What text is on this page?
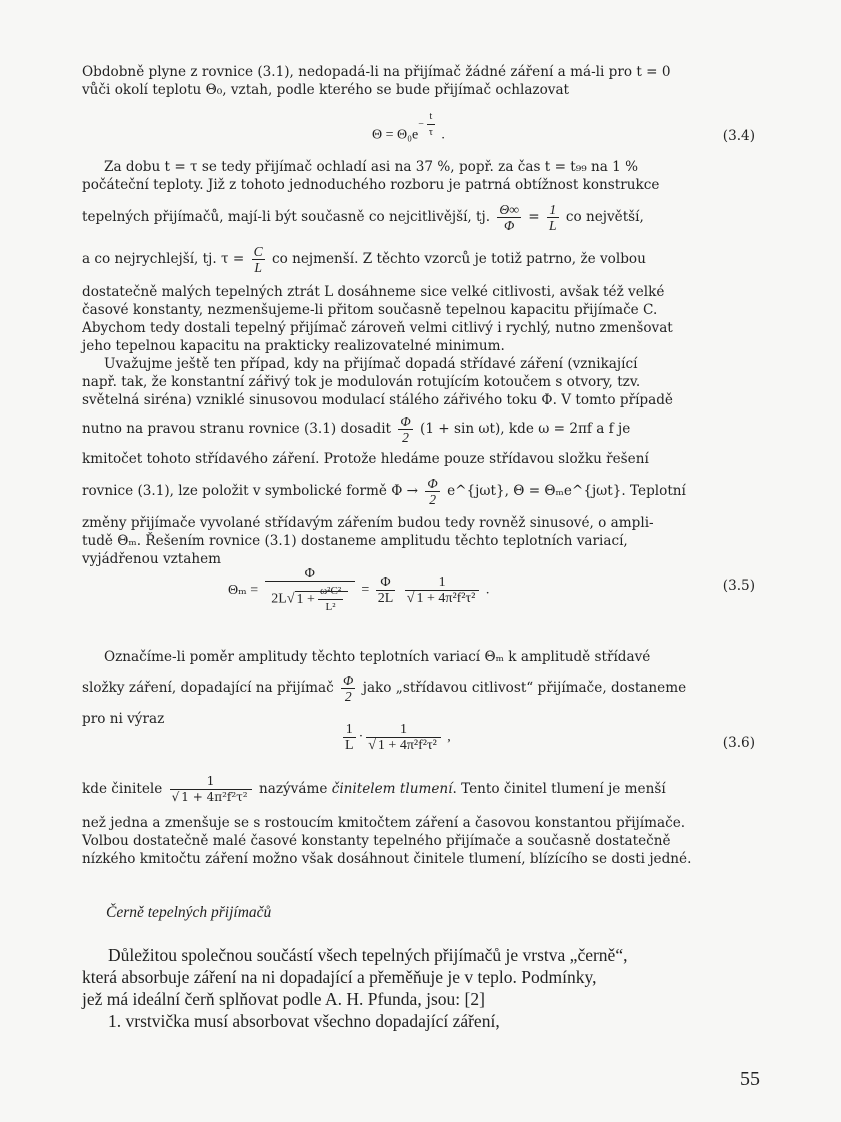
Obdobně plyne z rovnice (3.1), nedopadá-li na přijímač žádné záření a má-li pro t = 0
vůči okolí teplotu Θ₀, vztah, podle kterého se bude přijímač ochlazovat
$\Theta = \Theta_0e^{- \frac{t}{\tau}}$ .	(3.4)
Za dobu t = τ se tedy přijímač ochladí asi na 37 %, popř. za čas t = t₉₉ na 1 %
počáteční teploty. Již z tohoto jednoduchého rozboru je patrná obtížnost konstrukce
tepelných přijímačů, mají-li být současně co nejcitlivější, tj. $\frac{\Theta\infty}{\Phi} = \frac{1}{L}$ co největší,
a co nejrychlejší, tj. $\tau = \frac{C}{L}$ co nejmenší. Z těchto vzorců je totiž patrno, že volbou
dostatečně malých tepelných ztrát L dosáhneme sice velké citlivosti, avšak též velké
časové konstanty, nezmenšujeme-li přitom současně tepelnou kapacitu přijímače C.
Abychom tedy dostali tepelný přijímač zároveň velmi citlivý i rychlý, nutno zmenšovat
jeho tepelnou kapacitu na prakticky realizovatelné minimum.
Uvažujme ještě ten případ, kdy na přijímač dopadá střídavé záření (vznikající
např. tak, že konstantní zářivý tok je modulován rotujícím kotoučem s otvory, tzv.
světelná siréna) vzniklé sinusovou modulací stálého zářivého toku Φ. V tomto případě
nutno na pravou stranu rovnice (3.1) dosadit $\frac{\Phi}{2} (1 + \sin \omega t)$, kde ω = 2πf a f je
kmitočet tohoto střídavého záření. Protože hledáme pouze střídavou složku řešení
rovnice (3.1), lze položit v symbolické formě $\Phi \to \frac{\Phi}{2}$ e^{jωt}, Θ = Θₘe^{jωt}. Teplotní
změny přijímače vyvolané střídavým zářením budou tedy rovněž sinusové, o ampli-
tudě Θₘ. Řešením rovnice (3.1) dostaneme amplitudu těchto teplotních variací,
vyjádřenou vztahem
$\Theta_m = \frac{\Phi}{2L√ 1 + \frac{\text{ω²C²}}{\text{L²}}} = \frac{\Phi}{2L}$
$\frac{1}{\text{√ 1 + 4π²f²τ²}}$ .	(3.5)
Označíme-li poměr amplitudy těchto teplotních variací Θₘ k amplitudě střídavé
složky záření, dopadající na přijímač $\frac{\Phi}{2}$ jako „střídavou citlivost“ přijímače, dostaneme
pro ni výraz
$\frac{1}{L} \cdot \frac{1}{\text{√ 1 + 4π²f²τ²}}$ ,	(3.6)
kde činitele $\frac{1}{\text{√ 1 + 4π²f²τ²}}$ nazýváme činitelem tlumení. Tento činitel tlumení je menší
než jedna a zmenšuje se s rostoucím kmitočtem záření a časovou konstantou přijímače.
Volbou dostatečně malé časové konstanty tepelného přijímače a současně dostatečně
nízkého kmitočtu záření možno však dosáhnout činitele tlumení, blízícího se dosti jedné.
Černě tepelných přijímačů
Důležitou společnou součástí všech tepelných přijímačů je vrstva „černě“,
která absorbuje záření na ni dopadající a přeměňuje je v teplo. Podmínky,
jež má ideální čerň splňovat podle A. H. Pfunda, jsou: [2]
1. vrstvička musí absorbovat všechno dopadající záření,
55
